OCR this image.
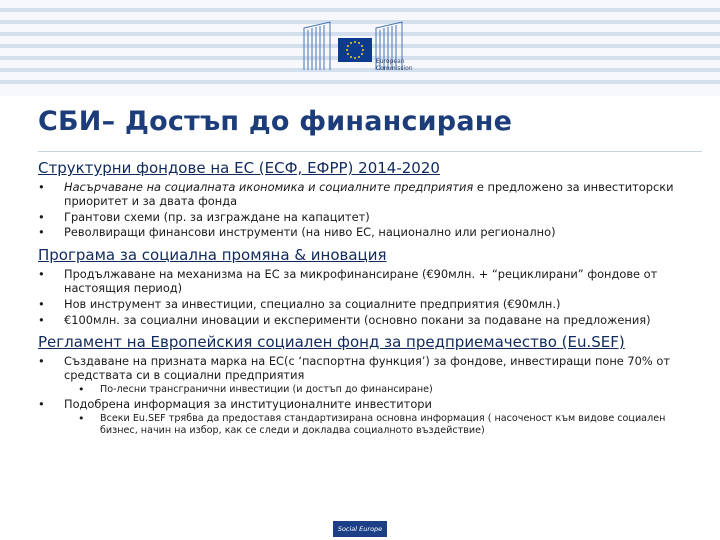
European
Commission
СБИ– Достъп до финансиране
Структурни фондове на ЕС (ЕСФ, ЕФРР) 2014-2020
• Насърчаване на социалната икономика и социалните предприятия е предложено за инвеститорски приоритет и за двата фонда
• Грантови схеми (пр. за изграждане на капацитет)
• Револвиращи финансови инструменти (на ниво ЕС, национално или регионално)
Програма за социална промяна & иновация
• Продължаване на механизма на ЕС за микрофинансиране (€90млн. + “рециклирани” фондове от настоящия период)
• Нов инструмент за инвестиции, специално за социалните предприятия (€90млн.)
• €100млн. за социални иновации и експерименти (основно покани за подаване на предложения)
Регламент на Европейския социален фонд за предприемачество (Eu.SEF)
• Създаване на призната марка на ЕС(с ‘паспортна функция’) за фондове, инвестиращи поне 70% от средствата си в социални предприятия
• По-лесни трансгранични инвестиции (и достъп до финансиране)
• Подобрена информация за институционалните инвеститори
• Всеки Eu.SEF трябва да предоставя стандартизирана основна информация ( насоченост към видове социален бизнес, начин на избор, как се следи и докладва социалното въздействие)
Social Europe
